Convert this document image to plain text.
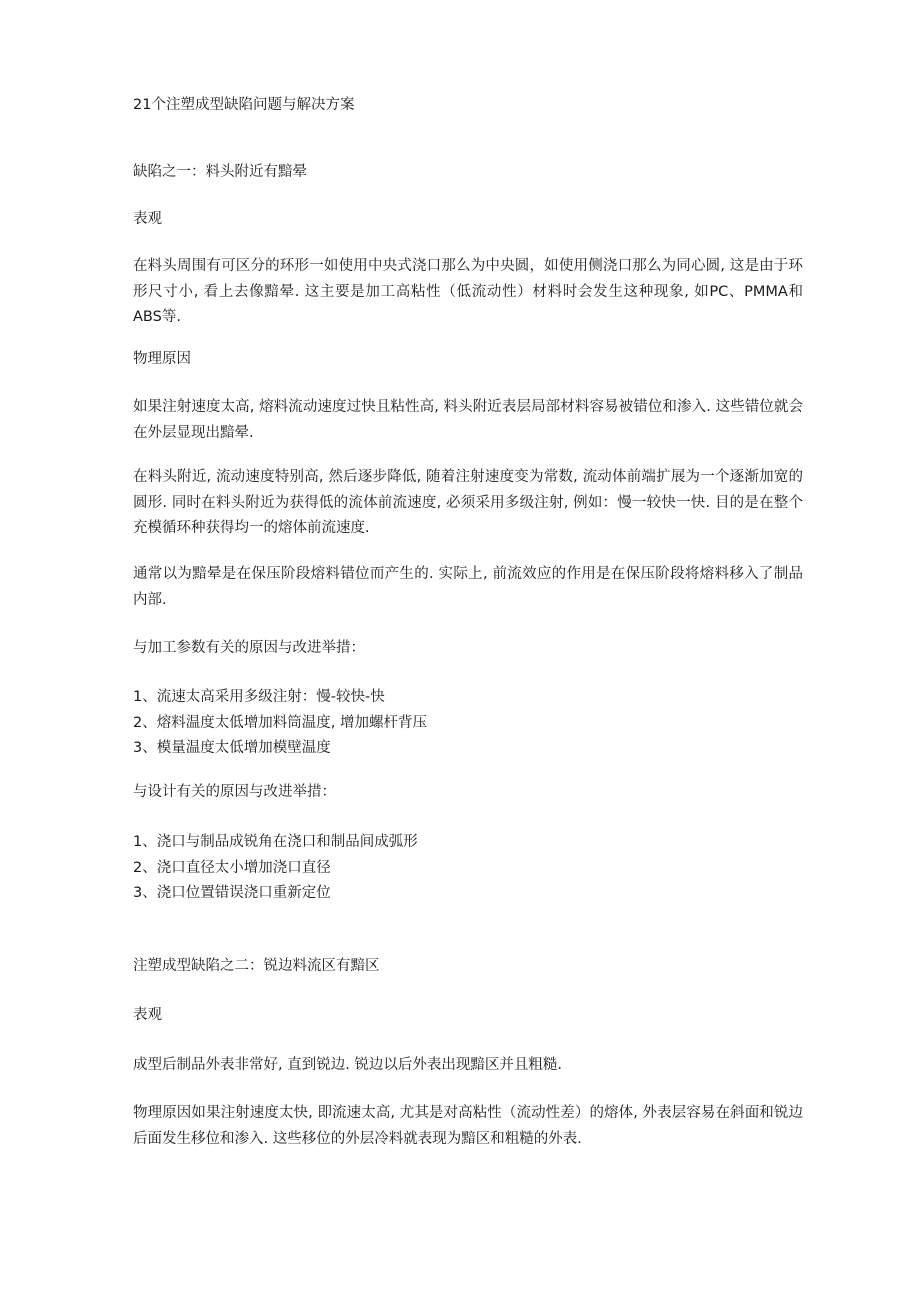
21个注塑成型缺陷问题与解决方案
缺陷之一：料头附近有黯晕
表观
在料头周围有可区分的环形一如使用中央式浇口那么为中央圆，如使用侧浇口那么为同心圆, 这是由于环形尺寸小, 看上去像黯晕. 这主要是加工高粘性（低流动性）材料时会发生这种现象, 如PC、PMMA和ABS等.
物理原因
如果注射速度太高, 熔料流动速度过快且粘性高, 料头附近表层局部材料容易被错位和渗入. 这些错位就会在外层显现出黯晕.
在料头附近, 流动速度特别高, 然后逐步降低, 随着注射速度变为常数, 流动体前端扩展为一个逐渐加宽的圆形. 同时在料头附近为获得低的流体前流速度, 必须采用多级注射, 例如：慢一较快一快. 目的是在整个充模循环种获得均一的熔体前流速度.
通常以为黯晕是在保压阶段熔料错位而产生的. 实际上, 前流效应的作用是在保压阶段将熔料移入了制品内部.
与加工参数有关的原因与改进举措：
1、流速太高采用多级注射：慢-较快-快
2、熔料温度太低增加料筒温度, 增加螺杆背压
3、模量温度太低增加模壁温度
与设计有关的原因与改进举措：
1、浇口与制品成锐角在浇口和制品间成弧形
2、浇口直径太小增加浇口直径
3、浇口位置错误浇口重新定位
注塑成型缺陷之二：锐边料流区有黯区
表观
成型后制品外表非常好, 直到锐边. 锐边以后外表出现黯区并且粗糙.
物理原因如果注射速度太快, 即流速太高, 尤其是对高粘性（流动性差）的熔体, 外表层容易在斜面和锐边后面发生移位和渗入. 这些移位的外层冷料就表现为黯区和粗糙的外表.
